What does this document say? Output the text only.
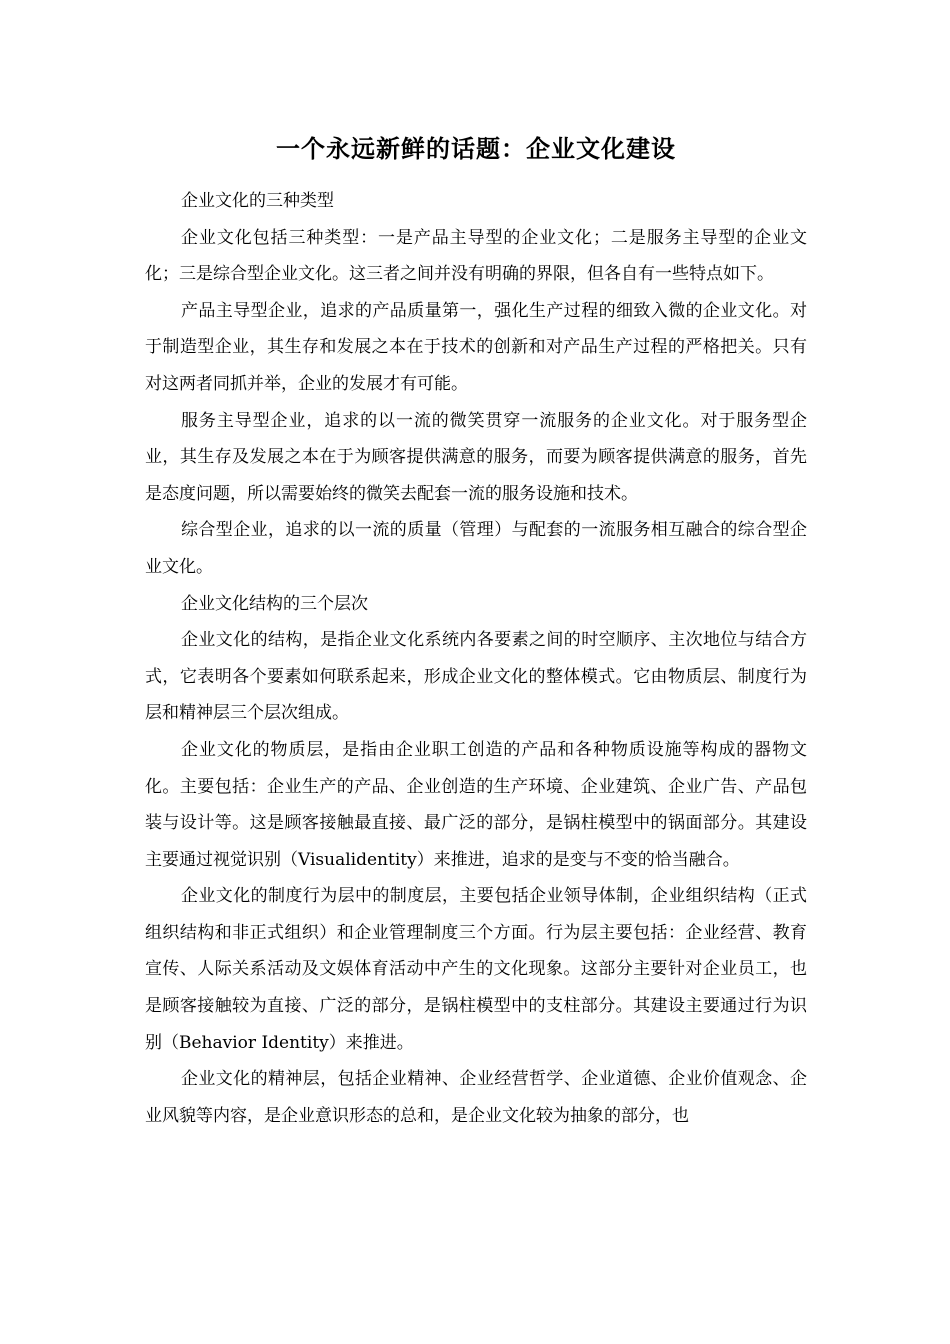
一个永远新鲜的话题：企业文化建设

企业文化的三种类型

企业文化包括三种类型：一是产品主导型的企业文化；二是服务主导型的企业文化；三是综合型企业文化。这三者之间并没有明确的界限，但各自有一些特点如下。

产品主导型企业，追求的产品质量第一，强化生产过程的细致入微的企业文化。对于制造型企业，其生存和发展之本在于技术的创新和对产品生产过程的严格把关。只有对这两者同抓并举，企业的发展才有可能。

服务主导型企业，追求的以一流的微笑贯穿一流服务的企业文化。对于服务型企业，其生存及发展之本在于为顾客提供满意的服务，而要为顾客提供满意的服务，首先是态度问题，所以需要始终的微笑去配套一流的服务设施和技术。

综合型企业，追求的以一流的质量（管理）与配套的一流服务相互融合的综合型企业文化。

企业文化结构的三个层次

企业文化的结构，是指企业文化系统内各要素之间的时空顺序、主次地位与结合方式，它表明各个要素如何联系起来，形成企业文化的整体模式。它由物质层、制度行为层和精神层三个层次组成。

企业文化的物质层，是指由企业职工创造的产品和各种物质设施等构成的器物文化。主要包括：企业生产的产品、企业创造的生产环境、企业建筑、企业广告、产品包装与设计等。这是顾客接触最直接、最广泛的部分，是锅柱模型中的锅面部分。其建设主要通过视觉识别（Visualidentity）来推进，追求的是变与不变的恰当融合。

企业文化的制度行为层中的制度层，主要包括企业领导体制，企业组织结构（正式组织结构和非正式组织）和企业管理制度三个方面。行为层主要包括：企业经营、教育宣传、人际关系活动及文娱体育活动中产生的文化现象。这部分主要针对企业员工，也是顾客接触较为直接、广泛的部分，是锅柱模型中的支柱部分。其建设主要通过行为识别（Behavior Identity）来推进。

企业文化的精神层，包括企业精神、企业经营哲学、企业道德、企业价值观念、企业风貌等内容，是企业意识形态的总和，是企业文化较为抽象的部分，也
